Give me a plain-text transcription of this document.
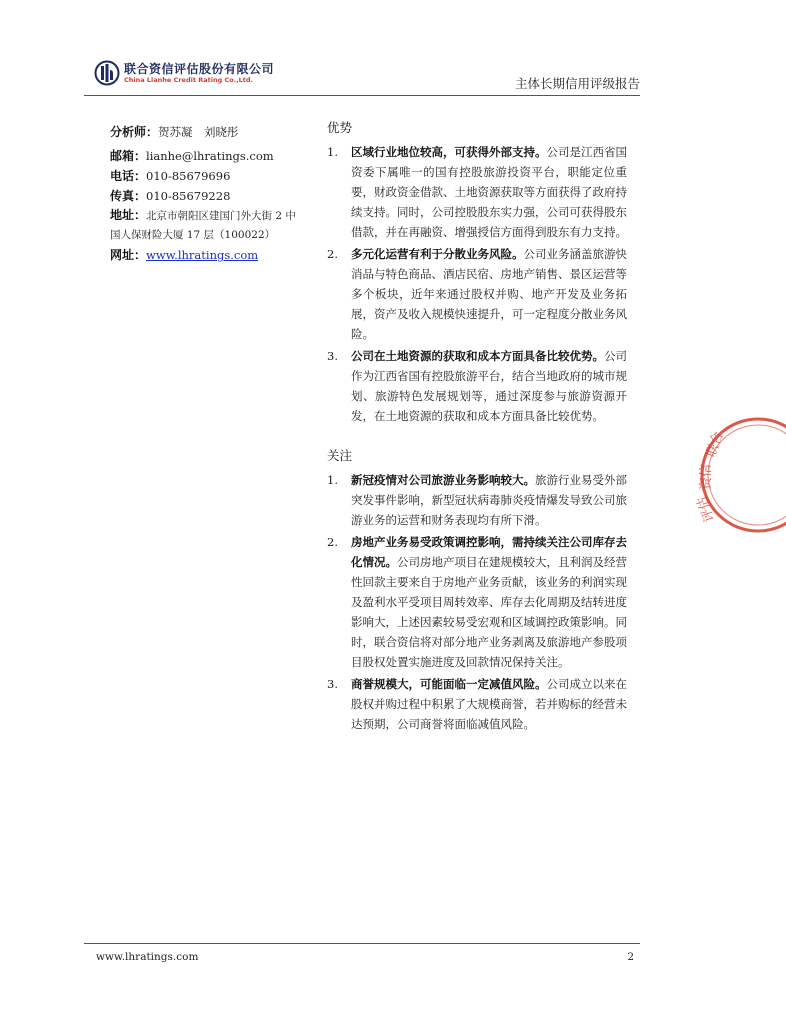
联合资信评估股份有限公司
China Lianhe Credit Rating Co.,Ltd.	主体长期信用评级报告
分析师：贺苏凝　刘晓彤
邮箱：lianhe@lhratings.com
电话：010-85679696
传真：010-85679228
地址：北京市朝阳区建国门外大街 2 中
国人保财险大厦 17 层（100022）
网址：www.lhratings.com
优势
1. 区域行业地位较高，可获得外部支持。公司是江西省国资委下属唯一的国有控股旅游投资平台，职能定位重要，财政资金借款、土地资源获取等方面获得了政府持续支持。同时，公司控股股东实力强，公司可获得股东借款，并在再融资、增强授信方面得到股东有力支持。
2. 多元化运营有利于分散业务风险。公司业务涵盖旅游快消品与特色商品、酒店民宿、房地产销售、景区运营等多个板块，近年来通过股权并购、地产开发及业务拓展，资产及收入规模快速提升，可一定程度分散业务风险。
3. 公司在土地资源的获取和成本方面具备比较优势。公司作为江西省国有控股旅游平台，结合当地政府的城市规划、旅游特色发展规划等，通过深度参与旅游资源开发，在土地资源的获取和成本方面具备比较优势。
关注
1. 新冠疫情对公司旅游业务影响较大。旅游行业易受外部突发事件影响，新型冠状病毒肺炎疫情爆发导致公司旅游业务的运营和财务表现均有所下滑。
2. 房地产业务易受政策调控影响，需持续关注公司库存去化情况。公司房地产项目在建规模较大，且利润及经营性回款主要来自于房地产业务贡献，该业务的利润实现及盈利水平受项目周转效率、库存去化周期及结转进度影响大，上述因素较易受宏观和区域调控政策影响。同时，联合资信将对部分地产业务剥离及旅游地产参股项目股权处置实施进度及回款情况保持关注。
3. 商誉规模大，可能面临一定减值风险。公司成立以来在股权并购过程中积累了大规模商誉，若并购标的经营未达预期，公司商誉将面临减值风险。
联合
资信
评估
www.lhratings.com	2
